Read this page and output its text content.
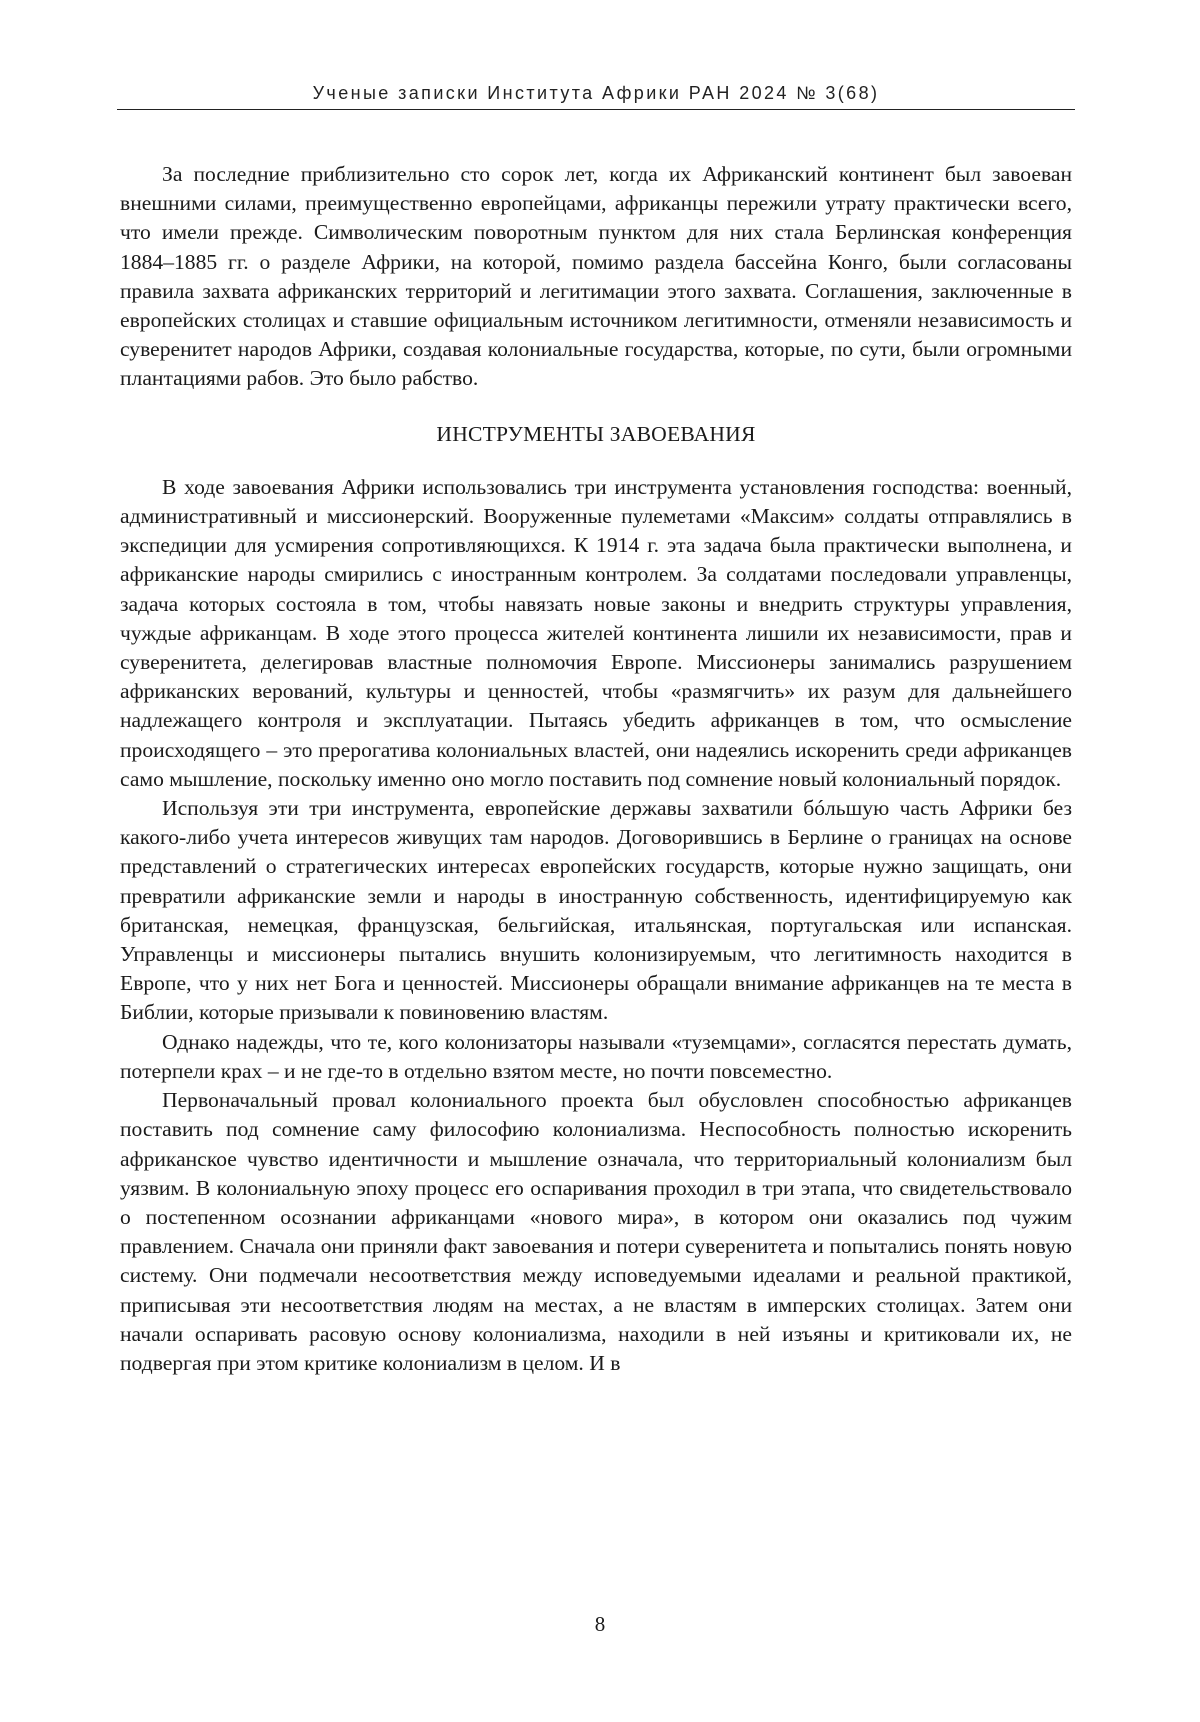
Ученые записки Института Африки РАН 2024 № 3(68)

За последние приблизительно сто сорок лет, когда их Африканский континент был завоеван внешними силами, преимущественно европейцами, африканцы пережили утрату практически всего, что имели прежде. Символическим поворотным пунктом для них стала Берлинская конференция 1884–1885 гг. о разделе Африки, на которой, помимо раздела бассейна Конго, были согласованы правила захвата африканских территорий и легитимации этого захвата. Соглашения, заключенные в европейских столицах и ставшие официальным источником легитимности, отменяли независимость и суверенитет народов Африки, создавая колониальные государства, которые, по сути, были огромными плантациями рабов. Это было рабство.

ИНСТРУМЕНТЫ ЗАВОЕВАНИЯ

В ходе завоевания Африки использовались три инструмента установления господства: военный, административный и миссионерский. Вооруженные пулеметами «Максим» солдаты отправлялись в экспедиции для усмирения сопротивляющихся. К 1914 г. эта задача была практически выполнена, и африканские народы смирились с иностранным контролем. За солдатами последовали управленцы, задача которых состояла в том, чтобы навязать новые законы и внедрить структуры управления, чуждые африканцам. В ходе этого процесса жителей континента лишили их независимости, прав и суверенитета, делегировав властные полномочия Европе. Миссионеры занимались разрушением африканских верований, культуры и ценностей, чтобы «размягчить» их разум для дальнейшего надлежащего контроля и эксплуатации. Пытаясь убедить африканцев в том, что осмысление происходящего – это прерогатива колониальных властей, они надеялись искоренить среди африканцев само мышление, поскольку именно оно могло поставить под сомнение новый колониальный порядок.

Используя эти три инструмента, европейские державы захватили бóльшую часть Африки без какого-либо учета интересов живущих там народов. Договорившись в Берлине о границах на основе представлений о стратегических интересах европейских государств, которые нужно защищать, они превратили африканские земли и народы в иностранную собственность, идентифицируемую как британская, немецкая, французская, бельгийская, итальянская, португальская или испанская. Управленцы и миссионеры пытались внушить колонизируемым, что легитимность находится в Европе, что у них нет Бога и ценностей. Миссионеры обращали внимание африканцев на те места в Библии, которые призывали к повиновению властям.

Однако надежды, что те, кого колонизаторы называли «туземцами», согласятся перестать думать, потерпели крах – и не где-то в отдельно взятом месте, но почти повсеместно.

Первоначальный провал колониального проекта был обусловлен способностью африканцев поставить под сомнение саму философию колониализма. Неспособность полностью искоренить африканское чувство идентичности и мышление означала, что территориальный колониализм был уязвим. В колониальную эпоху процесс его оспаривания проходил в три этапа, что свидетельствовало о постепенном осознании африканцами «нового мира», в котором они оказались под чужим правлением. Сначала они приняли факт завоевания и потери суверенитета и попытались понять новую систему. Они подмечали несоответствия между исповедуемыми идеалами и реальной практикой, приписывая эти несоответствия людям на местах, а не властям в имперских столицах. Затем они начали оспаривать расовую основу колониализма, находили в ней изъяны и критиковали их, не подвергая при этом критике колониализм в целом. И в

8
